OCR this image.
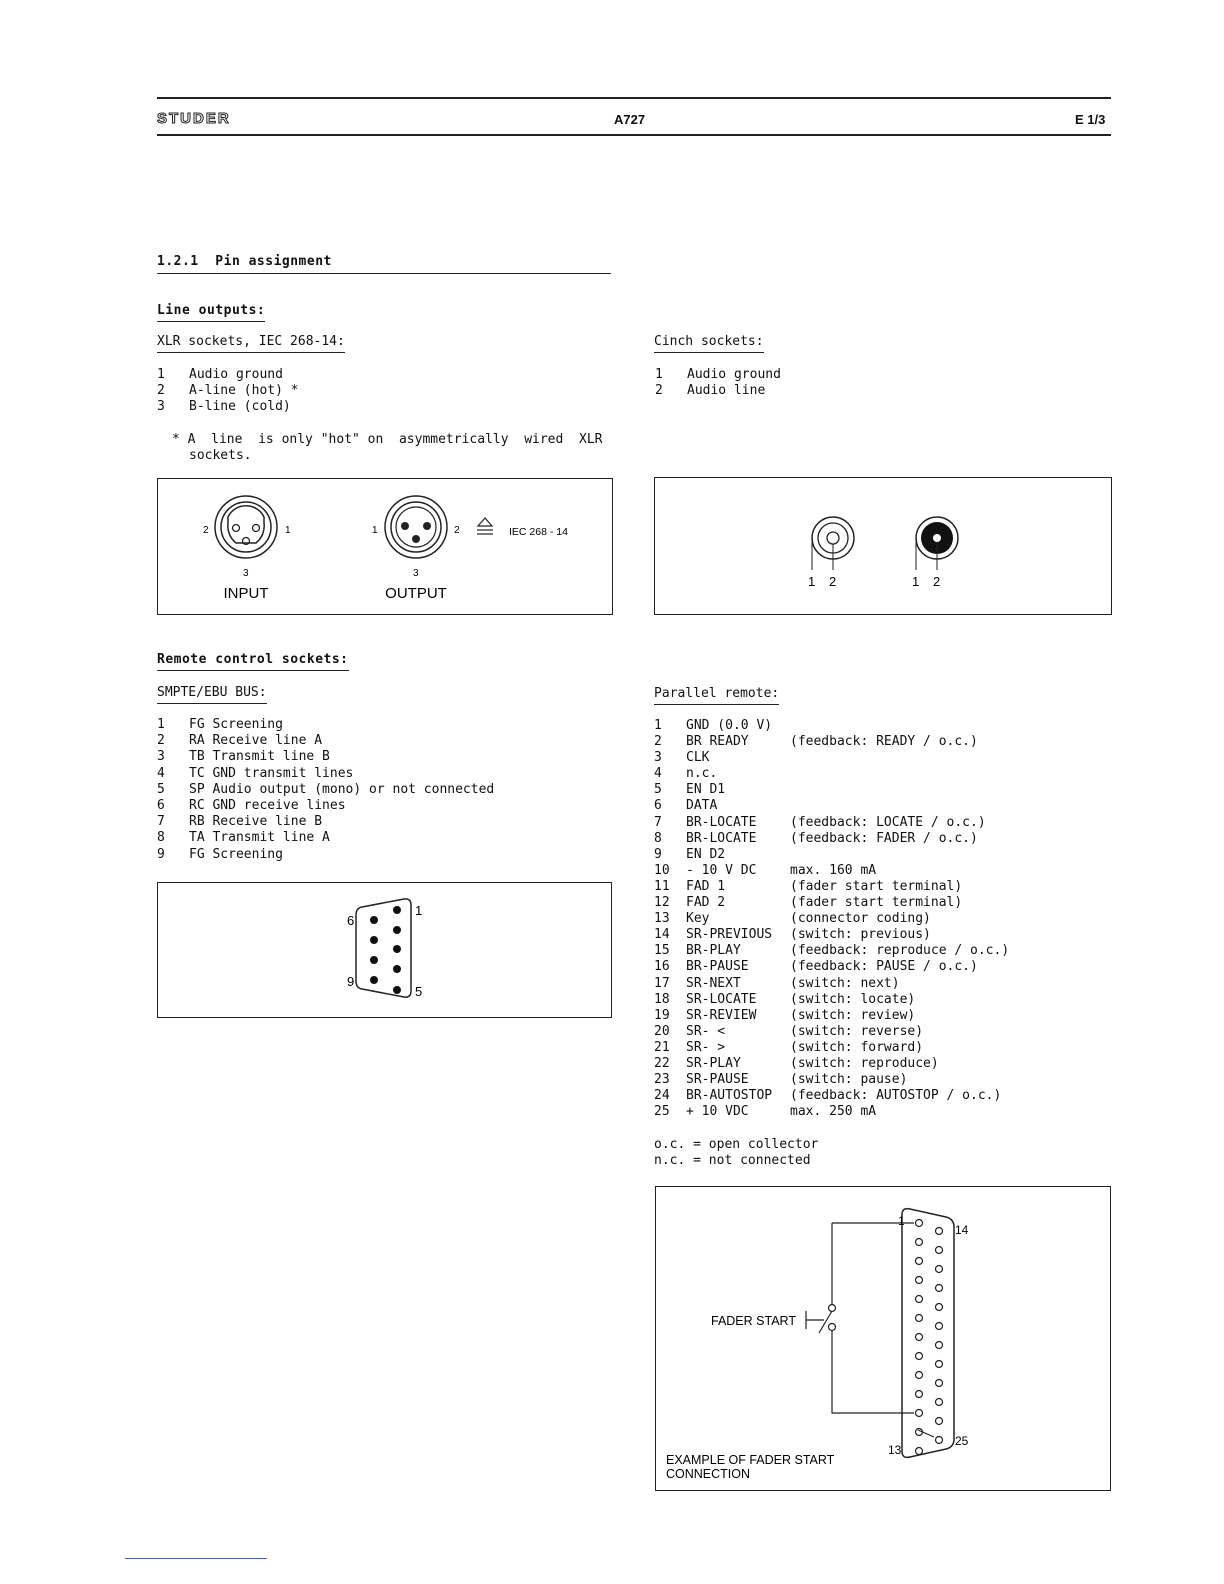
STUDER	A727	E 1/3
1.2.1  Pin assignment
Line outputs:
XLR sockets, IEC 268-14:	Cinch sockets:
1 Audio ground
2 A-line (hot) *
3 B-line (cold)
1 Audio ground
2 Audio line
* A  line  is only "hot" on  asymmetrically  wired  XLR
sockets.
2	1
3
INPUT
1	2
3
OUTPUT
IEC 268 - 14
1 2	1 2
Remote control sockets:
SMPTE/EBU BUS:	Parallel remote:
1 FG Screening
2 RA Receive line A
3 TB Transmit line B
4 TC GND transmit lines
5 SP Audio output (mono) or not connected
6 RC GND receive lines
7 RB Receive line B
8 TA Transmit line A
9 FG Screening
1
5
6
9
1 GND (0.0 V)
2 BR READY	(feedback: READY / o.c.)
3 CLK
4 n.c.
5 EN D1
6 DATA
7 BR-LOCATE	(feedback: LOCATE / o.c.)
8 BR-LOCATE	(feedback: FADER / o.c.)
9 EN D2
10 - 10 V DC	max. 160 mA
11 FAD 1	(fader start terminal)
12 FAD 2	(fader start terminal)
13 Key	(connector coding)
14 SR-PREVIOUS (switch: previous)
15 BR-PLAY	(feedback: reproduce / o.c.)
16 BR-PAUSE	(feedback: PAUSE / o.c.)
17 SR-NEXT	(switch: next)
18 SR-LOCATE	(switch: locate)
19 SR-REVIEW	(switch: review)
20 SR- <	(switch: reverse)
21 SR- >	(switch: forward)
22 SR-PLAY	(switch: reproduce)
23 SR-PAUSE	(switch: pause)
24 BR-AUTOSTOP (feedback: AUTOSTOP / o.c.)
25 + 10 VDC	max. 250 mA
o.c. = open collector
n.c. = not connected
FADER START
1
14
25
13
EXAMPLE OF FADER START
CONNECTION
